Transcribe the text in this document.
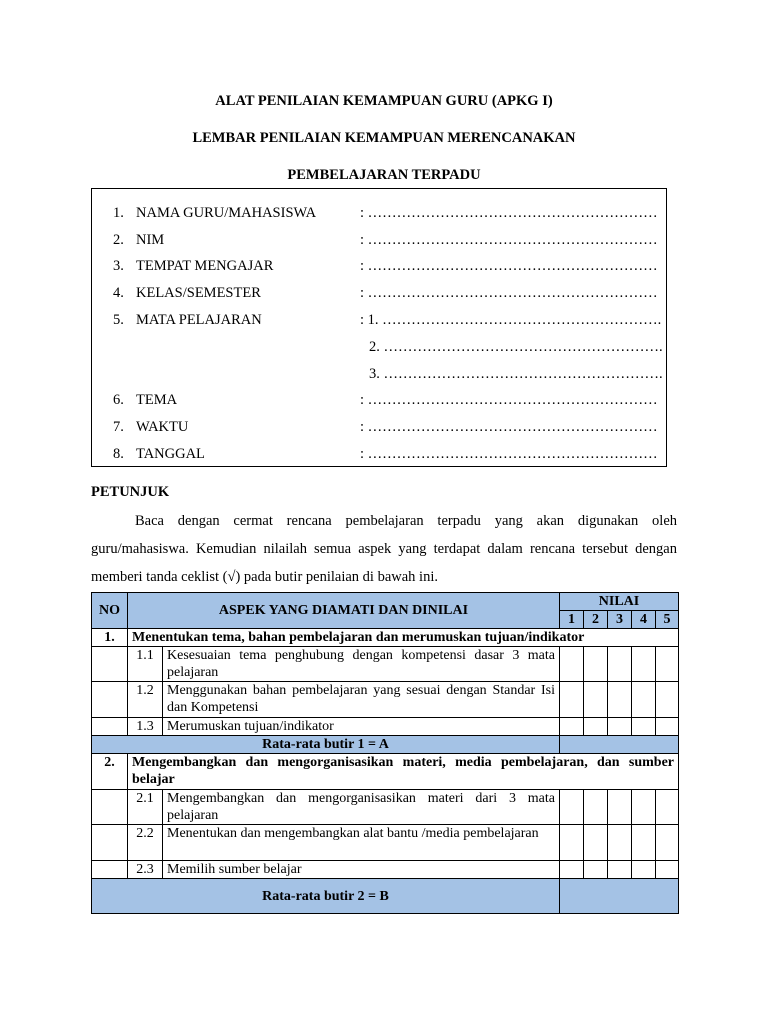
ALAT PENILAIAN KEMAMPUAN GURU (APKG I)
LEMBAR PENILAIAN KEMAMPUAN MERENCANAKAN
PEMBELAJARAN TERPADU
1. NAMA GURU/MAHASISWA	: ……………………………………………………
2. NIM	: ……………………………………………………
3. TEMPAT MENGAJAR	: ……………………………………………………
4. KELAS/SEMESTER	: ……………………………………………………
5. MATA PELAJARAN	: 1. ………………………………………………….
2. ………………………………………………….
3. ………………………………………………….
6. TEMA	: ……………………………………………………
7. WAKTU	: ……………………………………………………
8. TANGGAL	: ……………………………………………………
PETUNJUK

Baca dengan cermat rencana pembelajaran terpadu yang akan digunakan oleh guru/mahasiswa. Kemudian nilailah semua aspek yang terdapat dalam rencana tersebut dengan memberi tanda ceklist (√) pada butir penilaian di bawah ini.

NO	ASPEK YANG DIAMATI DAN DINILAI		NILAI				
			1	2	3	4	5
1.	Menentukan tema, bahan pembelajaran dan merumuskan tujuan/indikator						
	1.1	Kesesuaian tema penghubung dengan kompetensi dasar 3 mata pelajaran					
	1.2	Menggunakan bahan pembelajaran yang sesuai dengan Standar Isi dan Kompetensi					
	1.3	Merumuskan tujuan/indikator					
Rata-rata butir 1 = A							
2.	Mengembangkan dan mengorganisasikan materi, media pembelajaran, dan sumber belajar						
	2.1	Mengembangkan dan mengorganisasikan materi dari 3 mata pelajaran					
	2.2	Menentukan dan mengembangkan alat bantu /media pembelajaran					
	2.3	Memilih sumber belajar					
Rata-rata butir 2 = B							
